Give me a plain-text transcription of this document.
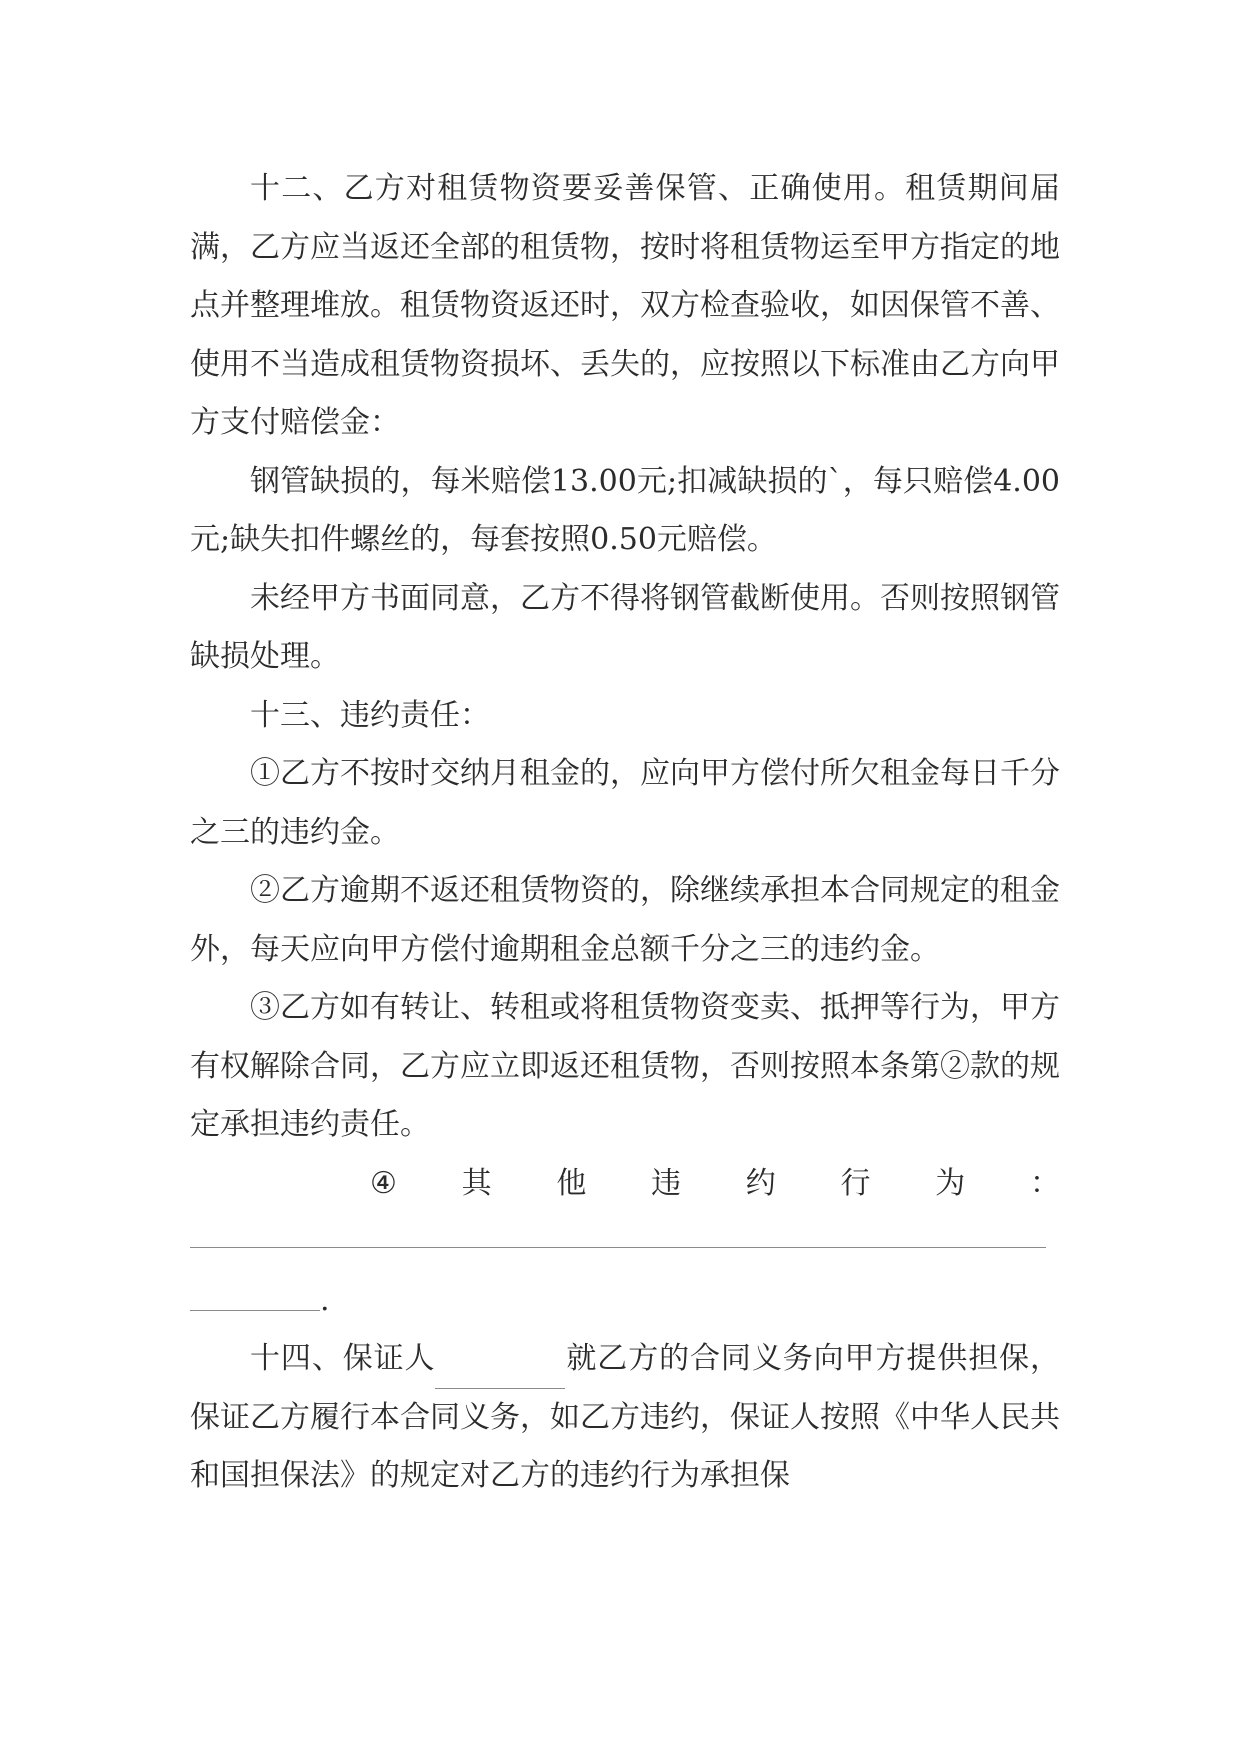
十二、乙方对租赁物资要妥善保管、正确使用。租赁期间届满，乙方应当返还全部的租赁物，按时将租赁物运至甲方指定的地点并整理堆放。租赁物资返还时，双方检查验收，如因保管不善、使用不当造成租赁物资损坏、丢失的，应按照以下标准由乙方向甲方支付赔偿金：

钢管缺损的，每米赔偿13.00元;扣减缺损的`，每只赔偿4.00元;缺失扣件螺丝的，每套按照0.50元赔偿。

未经甲方书面同意，乙方不得将钢管截断使用。否则按照钢管缺损处理。

十三、违约责任：

①乙方不按时交纳月租金的，应向甲方偿付所欠租金每日千分之三的违约金。

②乙方逾期不返还租赁物资的，除继续承担本合同规定的租金外，每天应向甲方偿付逾期租金总额千分之三的违约金。

③乙方如有转让、转租或将租赁物资变卖、抵押等行为，甲方有权解除合同，乙方应立即返还租赁物，否则按照本条第②款的规定承担违约责任。

④ 其 他 违 约 行 为 ：
.

十四、保证人	就乙方的合同义务向甲方提供担保，保证乙方履行本合同义务，如乙方违约，保证人按照《中华人民共和国担保法》的规定对乙方的违约行为承担保
